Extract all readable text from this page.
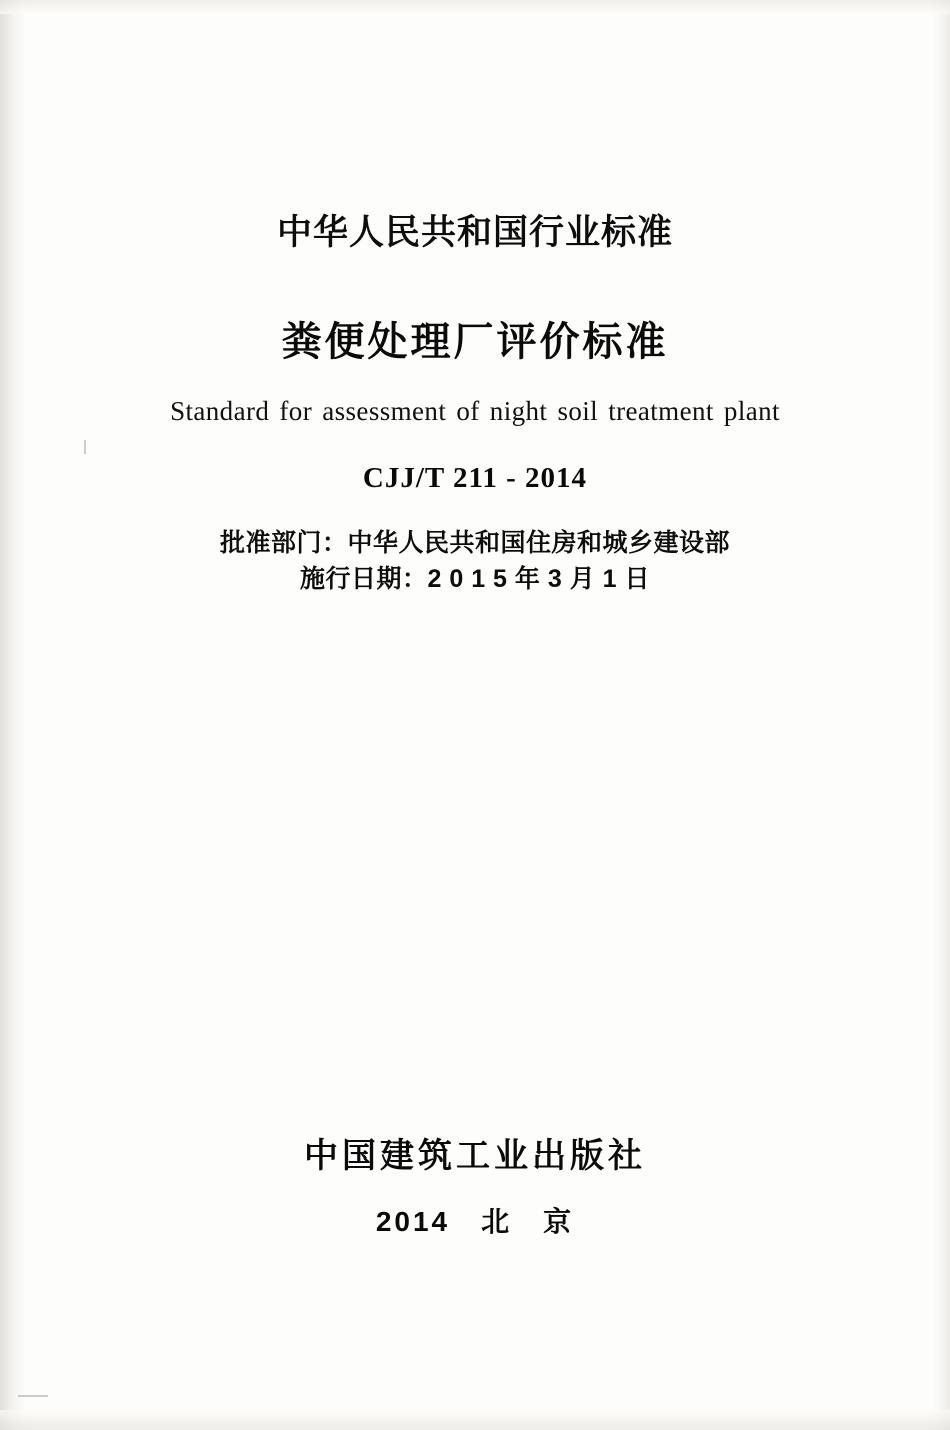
中华人民共和国行业标准
粪便处理厂评价标准
Standard for assessment of night soil treatment plant
CJJ/T 211 - 2014
批准部门：中华人民共和国住房和城乡建设部
施行日期：2 0 1 5 年 3 月 1 日
中国建筑工业出版社
2014　北　京
